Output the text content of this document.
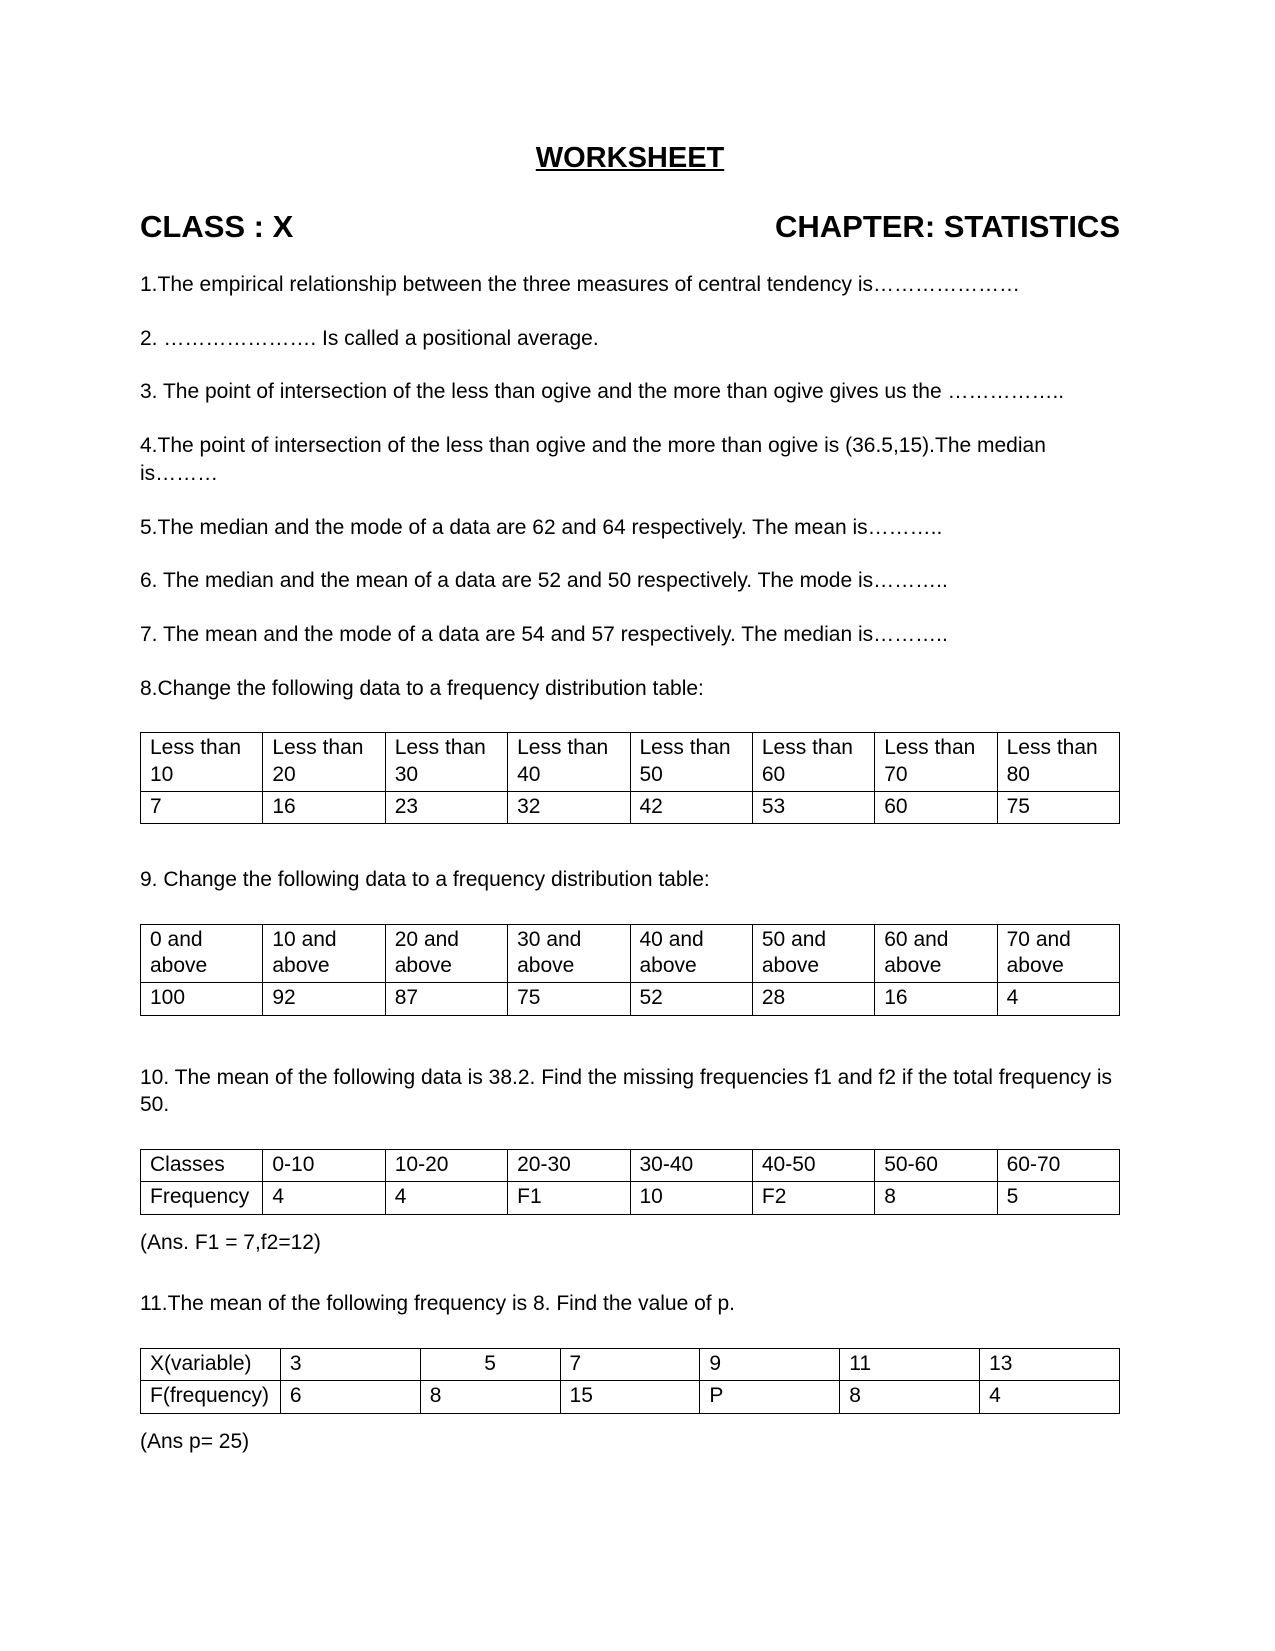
WORKSHEET
CLASS : X	CHAPTER: STATISTICS

1.The empirical relationship between the three measures of central tendency is…………………

2. …………………. Is called a positional average.

3. The point of intersection of the less than ogive and the more than ogive gives us the ……………..

4.The point of intersection of the less than ogive and the more than ogive is (36.5,15).The median is………

5.The median and the mode of a data are 62 and 64 respectively. The mean is………..

6. The median and the mean of a data are 52 and 50 respectively. The mode is………..

7. The mean and the mode of a data are 54 and 57 respectively. The median is………..

8.Change the following data to a frequency distribution table:

Less than 10	Less than 20	Less than 30	Less than 40	Less than 50	Less than 60	Less than 70	Less than 80
7	16	23	32	42	53	60	75

9. Change the following data to a frequency distribution table:

0 and above	10 and above	20 and above	30 and above	40 and above	50 and above	60 and above	70 and above
100	92	87	75	52	28	16	4

10. The mean of the following data is 38.2. Find the missing frequencies f1 and f2 if the total frequency is 50.

Classes	0-10	10-20	20-30	30-40	40-50	50-60	60-70
Frequency	4	4	F1	10	F2	8	5

(Ans. F1 = 7,f2=12)

11.The mean of the following frequency is 8. Find the value of p.

X(variable)	3	5	7	9	11	13
F(frequency)	6	8	15	P	8	4

(Ans p= 25)
